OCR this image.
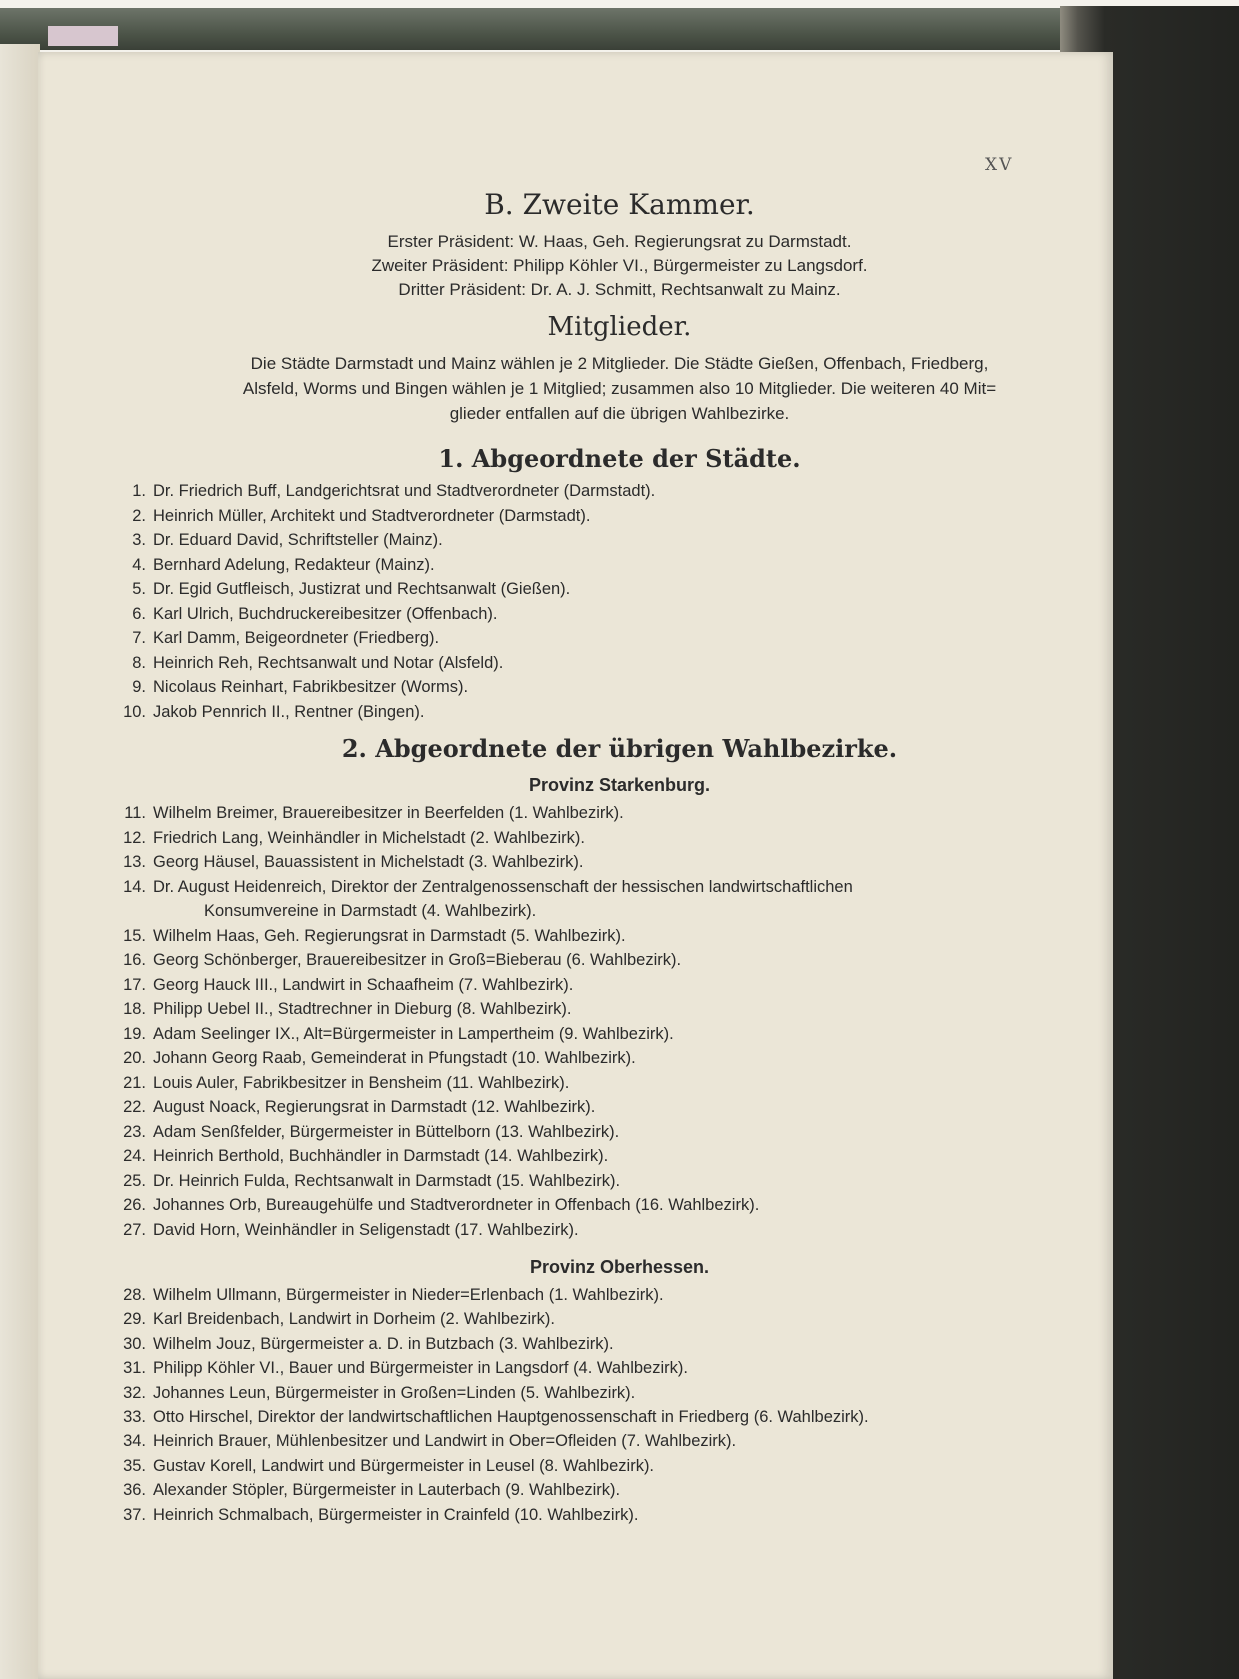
XV
B. Zweite Kammer.
Erster Präsident: W. Haas, Geh. Regierungsrat zu Darmstadt.
Zweiter Präsident: Philipp Köhler VI., Bürgermeister zu Langsdorf.
Dritter Präsident: Dr. A. J. Schmitt, Rechtsanwalt zu Mainz.
Mitglieder.
Die Städte Darmstadt und Mainz wählen je 2 Mitglieder. Die Städte Gießen, Offenbach, Friedberg,
Alsfeld, Worms und Bingen wählen je 1 Mitglied; zusammen also 10 Mitglieder. Die weiteren 40 Mit=
glieder entfallen auf die übrigen Wahlbezirke.
1. Abgeordnete der Städte.
1. Dr. Friedrich Buff, Landgerichtsrat und Stadtverordneter (Darmstadt).
2. Heinrich Müller, Architekt und Stadtverordneter (Darmstadt).
3. Dr. Eduard David, Schriftsteller (Mainz).
4. Bernhard Adelung, Redakteur (Mainz).
5. Dr. Egid Gutfleisch, Justizrat und Rechtsanwalt (Gießen).
6. Karl Ulrich, Buchdruckereibesitzer (Offenbach).
7. Karl Damm, Beigeordneter (Friedberg).
8. Heinrich Reh, Rechtsanwalt und Notar (Alsfeld).
9. Nicolaus Reinhart, Fabrikbesitzer (Worms).
10. Jakob Pennrich II., Rentner (Bingen).
2. Abgeordnete der übrigen Wahlbezirke.
Provinz Starkenburg.
11. Wilhelm Breimer, Brauereibesitzer in Beerfelden (1. Wahlbezirk).
12. Friedrich Lang, Weinhändler in Michelstadt (2. Wahlbezirk).
13. Georg Häusel, Bauassistent in Michelstadt (3. Wahlbezirk).
14. Dr. August Heidenreich, Direktor der Zentralgenossenschaft der hessischen landwirtschaftlichen
Konsumvereine in Darmstadt (4. Wahlbezirk).
15. Wilhelm Haas, Geh. Regierungsrat in Darmstadt (5. Wahlbezirk).
16. Georg Schönberger, Brauereibesitzer in Groß=Bieberau (6. Wahlbezirk).
17. Georg Hauck III., Landwirt in Schaafheim (7. Wahlbezirk).
18. Philipp Uebel II., Stadtrechner in Dieburg (8. Wahlbezirk).
19. Adam Seelinger IX., Alt=Bürgermeister in Lampertheim (9. Wahlbezirk).
20. Johann Georg Raab, Gemeinderat in Pfungstadt (10. Wahlbezirk).
21. Louis Auler, Fabrikbesitzer in Bensheim (11. Wahlbezirk).
22. August Noack, Regierungsrat in Darmstadt (12. Wahlbezirk).
23. Adam Senßfelder, Bürgermeister in Büttelborn (13. Wahlbezirk).
24. Heinrich Berthold, Buchhändler in Darmstadt (14. Wahlbezirk).
25. Dr. Heinrich Fulda, Rechtsanwalt in Darmstadt (15. Wahlbezirk).
26. Johannes Orb, Bureaugehülfe und Stadtverordneter in Offenbach (16. Wahlbezirk).
27. David Horn, Weinhändler in Seligenstadt (17. Wahlbezirk).
Provinz Oberhessen.
28. Wilhelm Ullmann, Bürgermeister in Nieder=Erlenbach (1. Wahlbezirk).
29. Karl Breidenbach, Landwirt in Dorheim (2. Wahlbezirk).
30. Wilhelm Jouz, Bürgermeister a. D. in Butzbach (3. Wahlbezirk).
31. Philipp Köhler VI., Bauer und Bürgermeister in Langsdorf (4. Wahlbezirk).
32. Johannes Leun, Bürgermeister in Großen=Linden (5. Wahlbezirk).
33. Otto Hirschel, Direktor der landwirtschaftlichen Hauptgenossenschaft in Friedberg (6. Wahlbezirk).
34. Heinrich Brauer, Mühlenbesitzer und Landwirt in Ober=Ofleiden (7. Wahlbezirk).
35. Gustav Korell, Landwirt und Bürgermeister in Leusel (8. Wahlbezirk).
36. Alexander Stöpler, Bürgermeister in Lauterbach (9. Wahlbezirk).
37. Heinrich Schmalbach, Bürgermeister in Crainfeld (10. Wahlbezirk).
